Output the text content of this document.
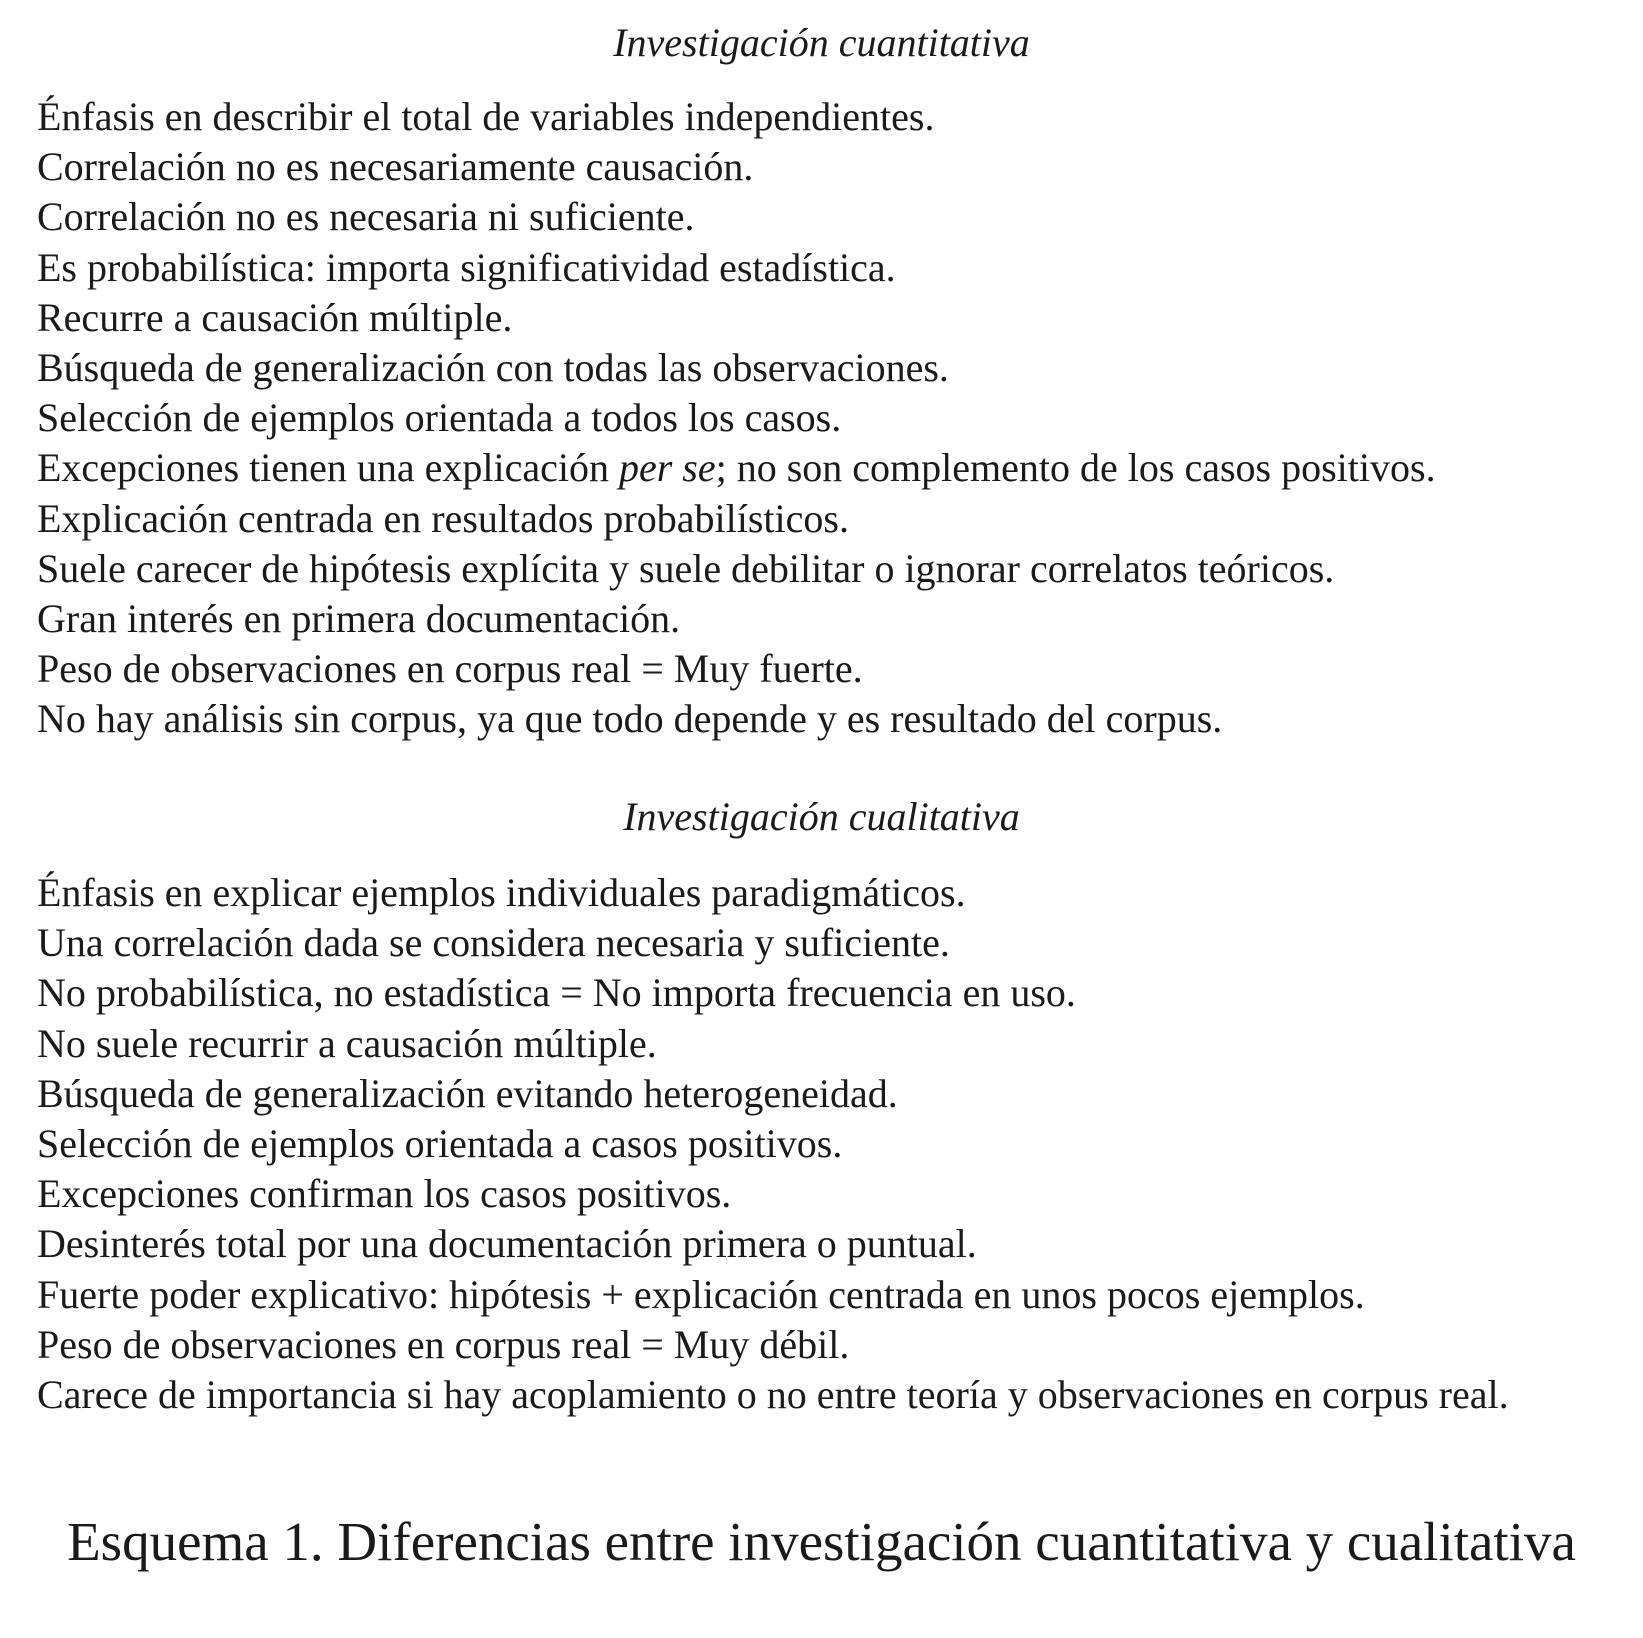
Investigación cuantitativa
Énfasis en describir el total de variables independientes.
Correlación no es necesariamente causación.
Correlación no es necesaria ni suficiente.
Es probabilística: importa significatividad estadística.
Recurre a causación múltiple.
Búsqueda de generalización con todas las observaciones.
Selección de ejemplos orientada a todos los casos.
Excepciones tienen una explicación per se; no son complemento de los casos positivos.
Explicación centrada en resultados probabilísticos.
Suele carecer de hipótesis explícita y suele debilitar o ignorar correlatos teóricos.
Gran interés en primera documentación.
Peso de observaciones en corpus real = Muy fuerte.
No hay análisis sin corpus, ya que todo depende y es resultado del corpus.
Investigación cualitativa
Énfasis en explicar ejemplos individuales paradigmáticos.
Una correlación dada se considera necesaria y suficiente.
No probabilística, no estadística = No importa frecuencia en uso.
No suele recurrir a causación múltiple.
Búsqueda de generalización evitando heterogeneidad.
Selección de ejemplos orientada a casos positivos.
Excepciones confirman los casos positivos.
Desinterés total por una documentación primera o puntual.
Fuerte poder explicativo: hipótesis + explicación centrada en unos pocos ejemplos.
Peso de observaciones en corpus real = Muy débil.
Carece de importancia si hay acoplamiento o no entre teoría y observaciones en corpus real.
Esquema 1. Diferencias entre investigación cuantitativa y cualitativa
